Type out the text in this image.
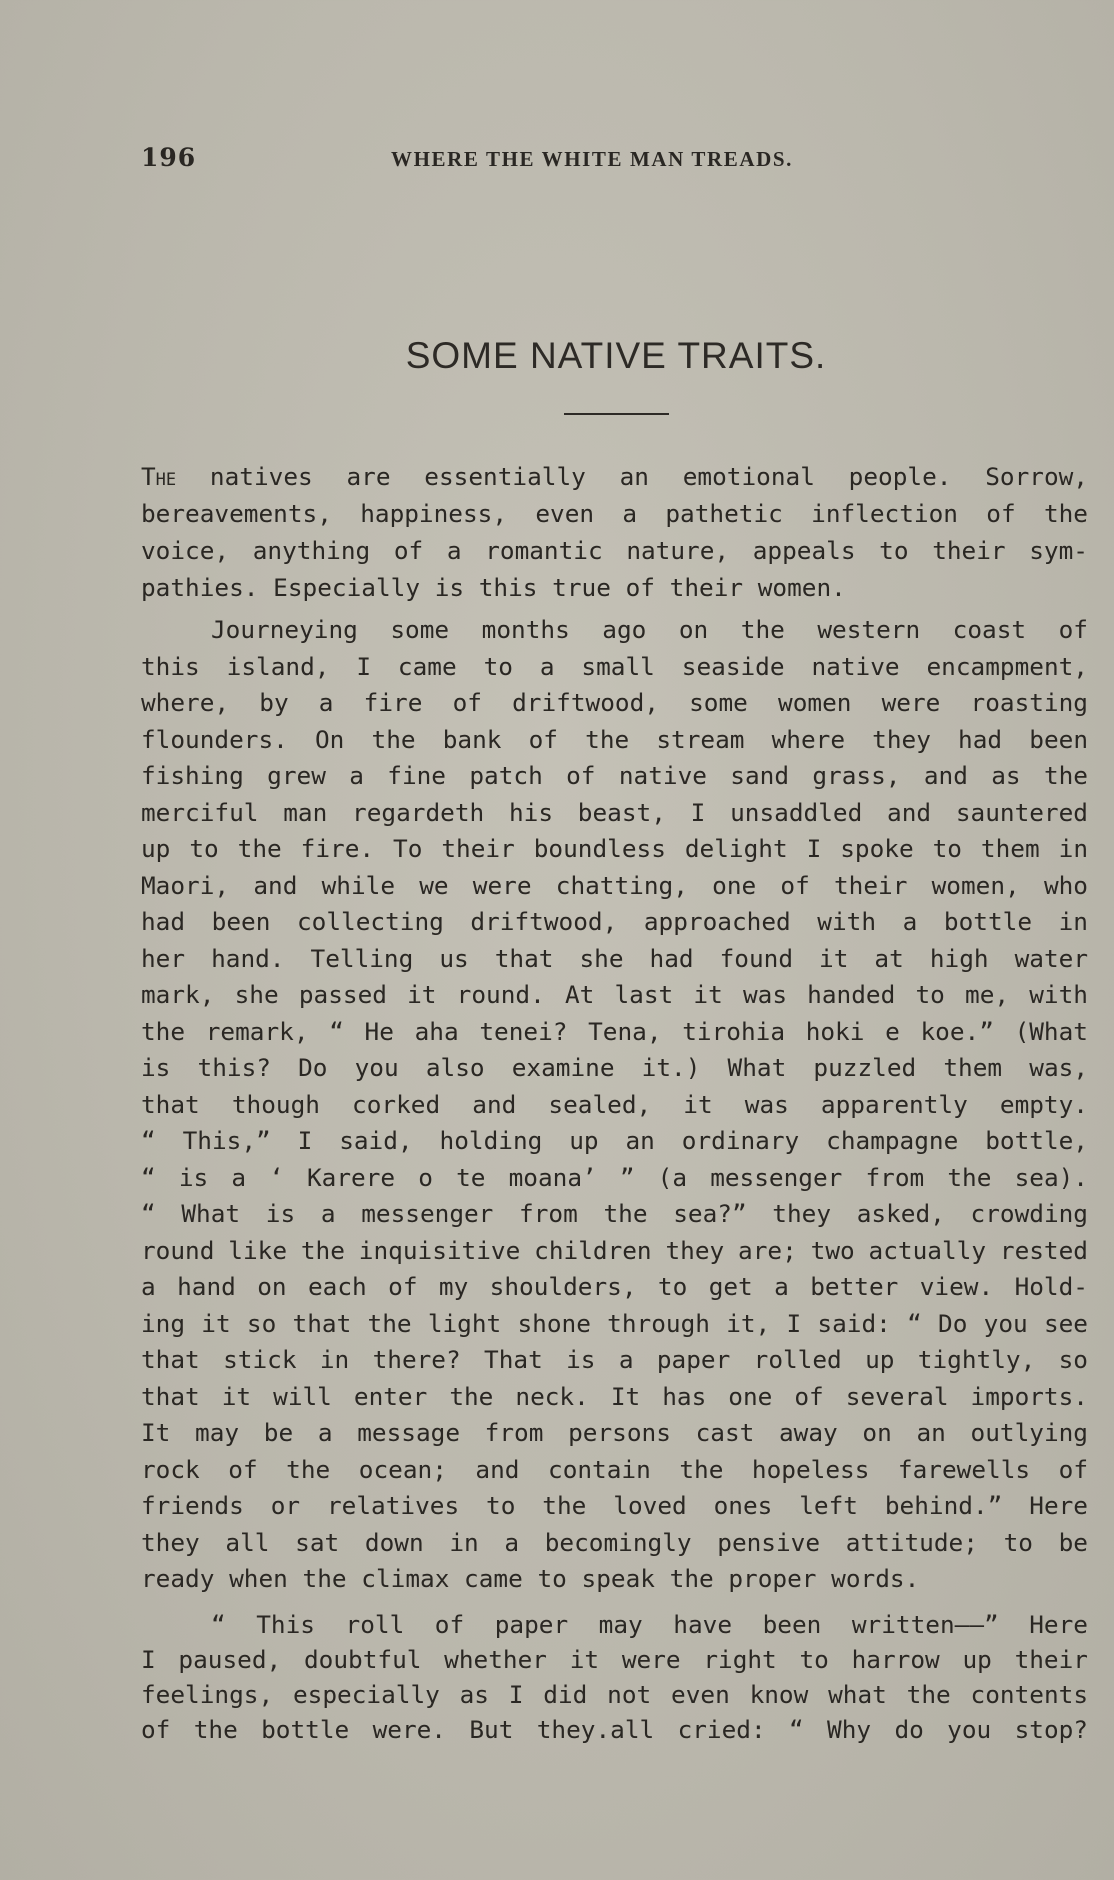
196	WHERE THE WHITE MAN TREADS.
SOME NATIVE TRAITS.
The natives are essentially an emotional people. Sorrow,
bereavements, happiness, even a pathetic inflection of the
voice, anything of a romantic nature, appeals to their sym-
pathies. Especially is this true of their women.
Journeying some months ago on the western coast of
this island, I came to a small seaside native encampment,
where, by a fire of driftwood, some women were roasting
flounders. On the bank of the stream where they had been
fishing grew a fine patch of native sand grass, and as the
merciful man regardeth his beast, I unsaddled and sauntered
up to the fire. To their boundless delight I spoke to them in
Maori, and while we were chatting, one of their women, who
had been collecting driftwood, approached with a bottle in
her hand. Telling us that she had found it at high water
mark, she passed it round. At last it was handed to me, with
the remark, “ He aha tenei? Tena, tirohia hoki e koe.” (What
is this? Do you also examine it.) What puzzled them was,
that though corked and sealed, it was apparently empty.
“ This,” I said, holding up an ordinary champagne bottle,
“ is a ‘ Karere o te moana’ ” (a messenger from the sea).
“ What is a messenger from the sea?” they asked, crowding
round like the inquisitive children they are; two actually rested
a hand on each of my shoulders, to get a better view. Hold-
ing it so that the light shone through it, I said: “ Do you see
that stick in there? That is a paper rolled up tightly, so
that it will enter the neck. It has one of several imports.
It may be a message from persons cast away on an outlying
rock of the ocean; and contain the hopeless farewells of
friends or relatives to the loved ones left behind.” Here
they all sat down in a becomingly pensive attitude; to be
ready when the climax came to speak the proper words.
“ This roll of paper may have been written——” Here
I paused, doubtful whether it were right to harrow up their
feelings, especially as I did not even know what the contents
of the bottle were. But they.all cried: “ Why do you stop?
